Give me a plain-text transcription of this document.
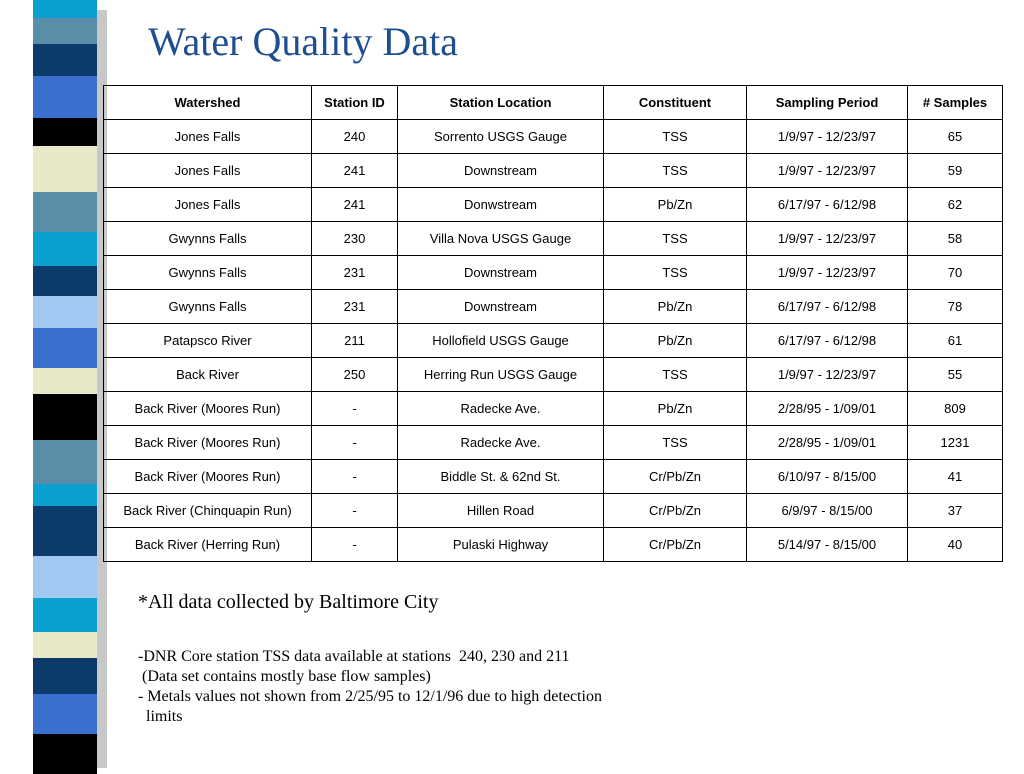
Water Quality Data
Watershed	Station ID	Station Location	Constituent	Sampling Period	# Samples
Jones Falls	240	Sorrento USGS Gauge	TSS	1/9/97 - 12/23/97	65
Jones Falls	241	Downstream	TSS	1/9/97 - 12/23/97	59
Jones Falls	241	Donwstream	Pb/Zn	6/17/97 - 6/12/98	62
Gwynns Falls	230	Villa Nova USGS Gauge	TSS	1/9/97 - 12/23/97	58
Gwynns Falls	231	Downstream	TSS	1/9/97 - 12/23/97	70
Gwynns Falls	231	Downstream	Pb/Zn	6/17/97 - 6/12/98	78
Patapsco River	211	Hollofield USGS Gauge	Pb/Zn	6/17/97 - 6/12/98	61
Back River	250	Herring Run USGS Gauge	TSS	1/9/97 - 12/23/97	55
Back River (Moores Run)	-	Radecke Ave.	Pb/Zn	2/28/95 - 1/09/01	809
Back River (Moores Run)	-	Radecke Ave.	TSS	2/28/95 - 1/09/01	1231
Back River (Moores Run)	-	Biddle St. & 62nd St.	Cr/Pb/Zn	6/10/97 - 8/15/00	41
Back River (Chinquapin Run)	-	Hillen Road	Cr/Pb/Zn	6/9/97 - 8/15/00	37
Back River (Herring Run)	-	Pulaski Highway	Cr/Pb/Zn	5/14/97 - 8/15/00	40
*All data collected by Baltimore City
-DNR Core station TSS data available at stations  240, 230 and 211
(Data set contains mostly base flow samples)
- Metals values not shown from 2/25/95 to 12/1/96 due to high detection
limits
